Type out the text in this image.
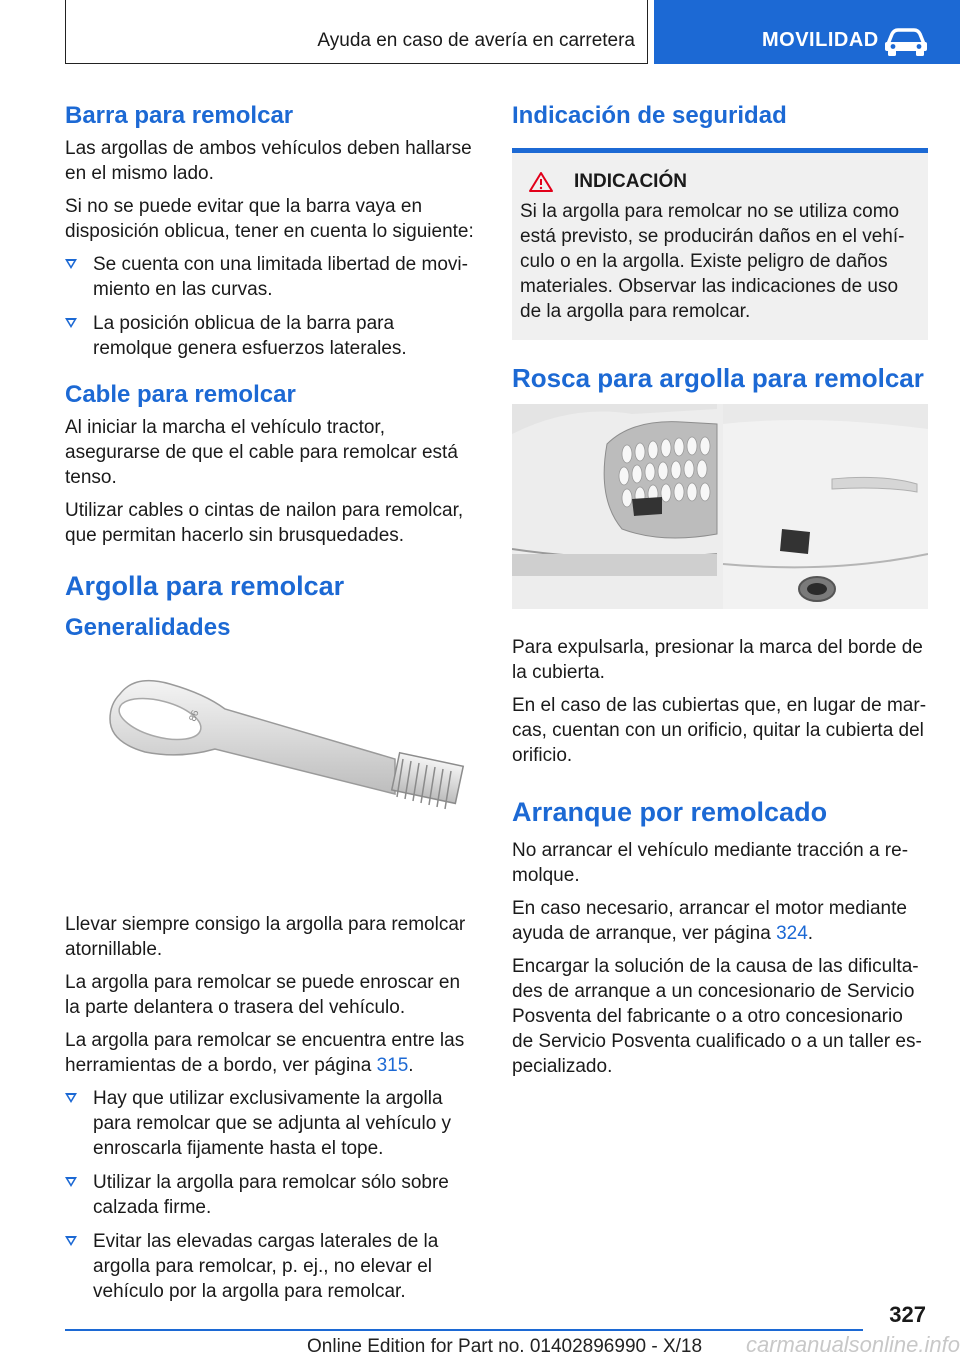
Ayuda en caso de avería en carretera	MOVILIDAD
Barra para remolcar

Las argollas de ambos vehículos deben hallarse en el mismo lado.

Si no se puede evitar que la barra vaya en disposición oblicua, tener en cuenta lo siguiente:

Se cuenta con una limitada libertad de movimiento en las curvas.
La posición oblicua de la barra para remolque genera esfuerzos laterales.
Cable para remolcar

Al iniciar la marcha el vehículo tractor, asegurarse de que el cable para remolcar está tenso.

Utilizar cables o cintas de nailon para remolcar, que permitan hacerlo sin brusquedades.

Argolla para remolcar
Generalidades
86

Llevar siempre consigo la argolla para remolcar atornillable.

La argolla para remolcar se puede enroscar en la parte delantera o trasera del vehículo.

La argolla para remolcar se encuentra entre las herramientas de a bordo, ver página 315.

Hay que utilizar exclusivamente la argolla para remolcar que se adjunta al vehículo y enroscarla fijamente hasta el tope.
Utilizar la argolla para remolcar sólo sobre calzada firme.
Evitar las elevadas cargas laterales de la argolla para remolcar, p. ej., no elevar el vehículo por la argolla para remolcar.
Indicación de seguridad
INDICACIÓN

Si la argolla para remolcar no se utiliza como está previsto, se producirán daños en el vehículo o en la argolla. Existe peligro de daños materiales. Observar las indicaciones de uso de la argolla para remolcar.

Rosca para argolla para remolcar

Para expulsarla, presionar la marca del borde de la cubierta.

En el caso de las cubiertas que, en lugar de marcas, cuentan con un orificio, quitar la cubierta del orificio.

Arranque por remolcado

No arrancar el vehículo mediante tracción a remolque.

En caso necesario, arrancar el motor mediante ayuda de arranque, ver página 324.

Encargar la solución de la causa de las dificultades de arranque a un concesionario de Servicio Posventa del fabricante o a otro concesionario de Servicio Posventa cualificado o a un taller especializado.

327
Online Edition for Part no. 01402896990 - X/18 carmanualsonline.info
